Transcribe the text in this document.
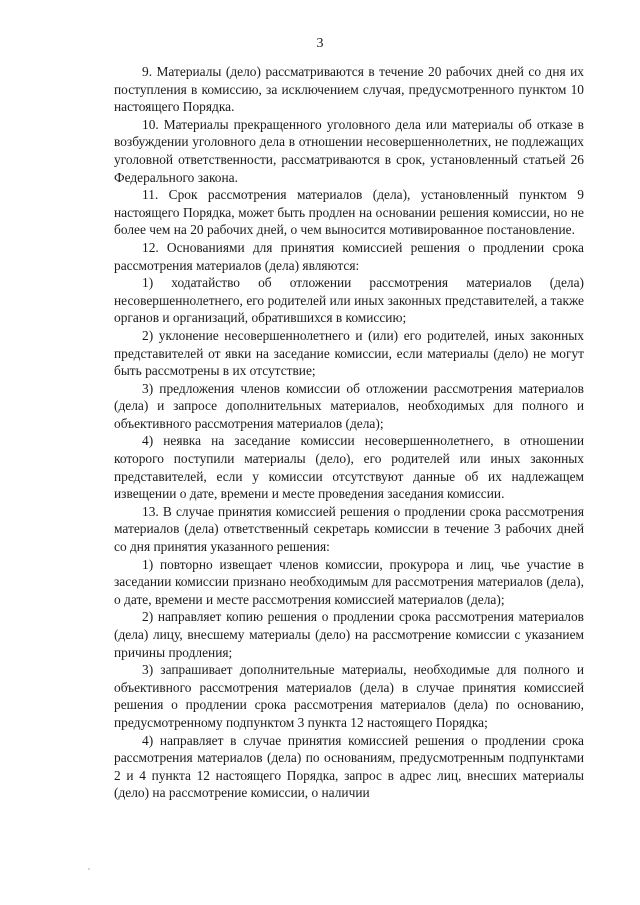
3

9. Материалы (дело) рассматриваются в течение 20 рабочих дней со дня их поступления в комиссию, за исключением случая, предусмотренного пунктом 10 настоящего Порядка.

10. Материалы прекращенного уголовного дела или материалы об отказе в возбуждении уголовного дела в отношении несовершеннолетних, не подлежащих уголовной ответственности, рассматриваются в срок, установленный статьей 26 Федерального закона.

11. Срок рассмотрения материалов (дела), установленный пунктом 9 настоящего Порядка, может быть продлен на основании решения комиссии, но не более чем на 20 рабочих дней, о чем выносится мотивированное постановление.

12. Основаниями для принятия комиссией решения о продлении срока рассмотрения материалов (дела) являются:

1) ходатайство об отложении рассмотрения материалов (дела) несовершеннолетнего, его родителей или иных законных представителей, а также органов и организаций, обратившихся в комиссию;

2) уклонение несовершеннолетнего и (или) его родителей, иных законных представителей от явки на заседание комиссии, если материалы (дело) не могут быть рассмотрены в их отсутствие;

3) предложения членов комиссии об отложении рассмотрения материалов (дела) и запросе дополнительных материалов, необходимых для полного и объективного рассмотрения материалов (дела);

4) неявка на заседание комиссии несовершеннолетнего, в отношении которого поступили материалы (дело), его родителей или иных законных представителей, если у комиссии отсутствуют данные об их надлежащем извещении о дате, времени и месте проведения заседания комиссии.

13. В случае принятия комиссией решения о продлении срока рассмотрения материалов (дела) ответственный секретарь комиссии в течение 3 рабочих дней со дня принятия указанного решения:

1) повторно извещает членов комиссии, прокурора и лиц, чье участие в заседании комиссии признано необходимым для рассмотрения материалов (дела), о дате, времени и месте рассмотрения комиссией материалов (дела);

2) направляет копию решения о продлении срока рассмотрения материалов (дела) лицу, внесшему материалы (дело) на рассмотрение комиссии с указанием причины продления;

3) запрашивает дополнительные материалы, необходимые для полного и объективного рассмотрения материалов (дела) в случае принятия комиссией решения о продлении срока рассмотрения материалов (дела) по основанию, предусмотренному подпунктом 3 пункта 12 настоящего Порядка;

4) направляет в случае принятия комиссией решения о продлении срока рассмотрения материалов (дела) по основаниям, предусмотренным подпунктами 2 и 4 пункта 12 настоящего Порядка, запрос в адрес лиц, внесших материалы (дело) на рассмотрение комиссии, о наличии
